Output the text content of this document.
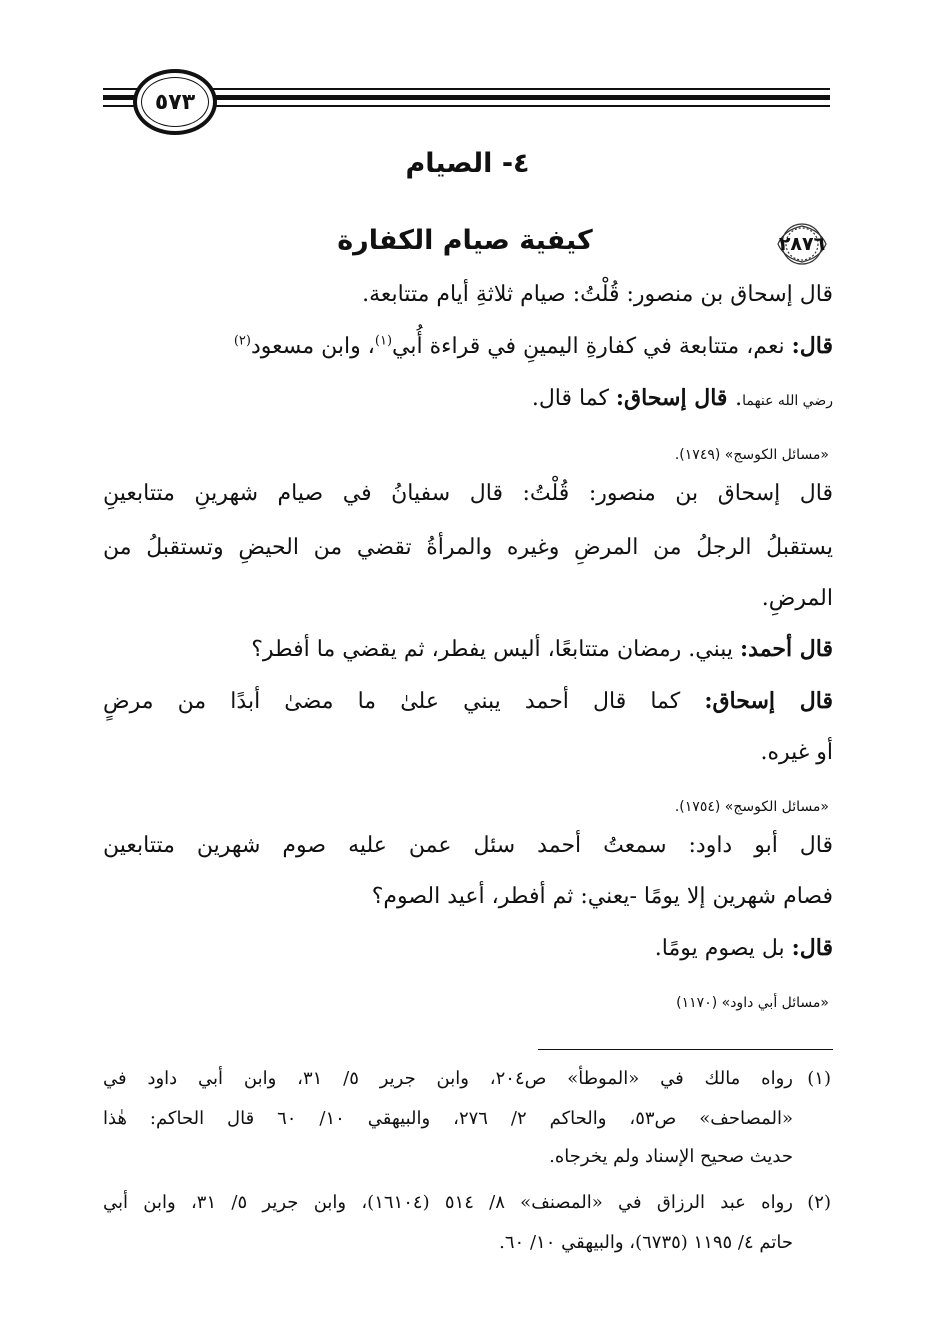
٥٧٣
٤- الصيام
٢٨٧٦
كيفية صيام الكفارة
قال إسحاق بن منصور: قُلْتُ: صيام ثلاثةِ أيام متتابعة.
قال: نعم، متتابعة في كفارةِ اليمينِ في قراءة أُبي$^{(١)}$، وابن مسعود$^{(٢)}$
رضي الله عنهما. قال إسحاق: كما قال.
«مسائل الكوسج» (١٧٤٩).
قال إسحاق بن منصور: قُلْتُ: قال سفيانُ في صيام شهرينِ متتابعينِ
يستقبلُ الرجلُ من المرضِ وغيره والمرأةُ تقضي من الحيضِ وتستقبلُ من
المرضِ.
قال أحمد: يبني. رمضان متتابعًا، أليس يفطر، ثم يقضي ما أفطر؟
قال إسحاق: كما قال أحمد يبني علىٰ ما مضىٰ أبدًا من مرضٍ
أو غيره.
«مسائل الكوسج» (١٧٥٤).
قال أبو داود: سمعتُ أحمد سئل عمن عليه صوم شهرين متتابعين
فصام شهرين إلا يومًا -يعني: ثم أفطر، أعيد الصوم؟
قال: بل يصوم يومًا.
«مسائل أبي داود» (١١٧٠)
(١)
رواه مالك في «الموطأ» ص٢٠٤، وابن جرير ٥/ ٣١، وابن أبي داود في
«المصاحف» ص٥٣، والحاكم ٢/ ٢٧٦، والبيهقي ١٠/ ٦٠ قال الحاكم: هٰذا
حديث صحيح الإسناد ولم يخرجاه.
(٢)
رواه عبد الرزاق في «المصنف» ٨/ ٥١٤ (١٦١٠٤)، وابن جرير ٥/ ٣١، وابن أبي
حاتم ٤/ ١١٩٥ (٦٧٣٥)، والبيهقي ١٠/ ٦٠.
